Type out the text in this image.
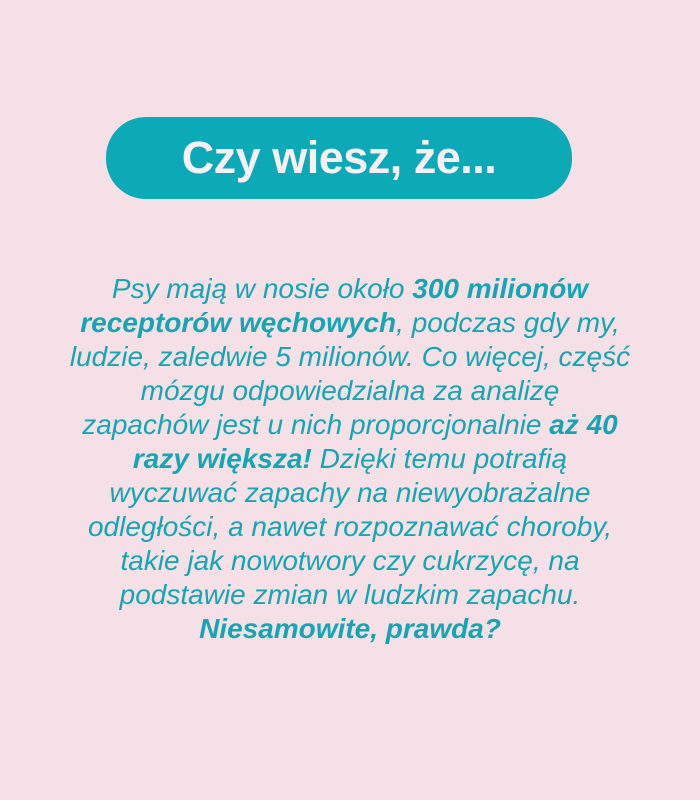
Czy wiesz, że...

Psy mają w nosie około 300 milionów
receptorów węchowych, podczas gdy my,
ludzie, zaledwie 5 milionów. Co więcej, część
mózgu odpowiedzialna za analizę
zapachów jest u nich proporcjonalnie aż 40
razy większa! Dzięki temu potrafią
wyczuwać zapachy na niewyobrażalne
odległości, a nawet rozpoznawać choroby,
takie jak nowotwory czy cukrzycę, na
podstawie zmian w ludzkim zapachu.
Niesamowite, prawda?
